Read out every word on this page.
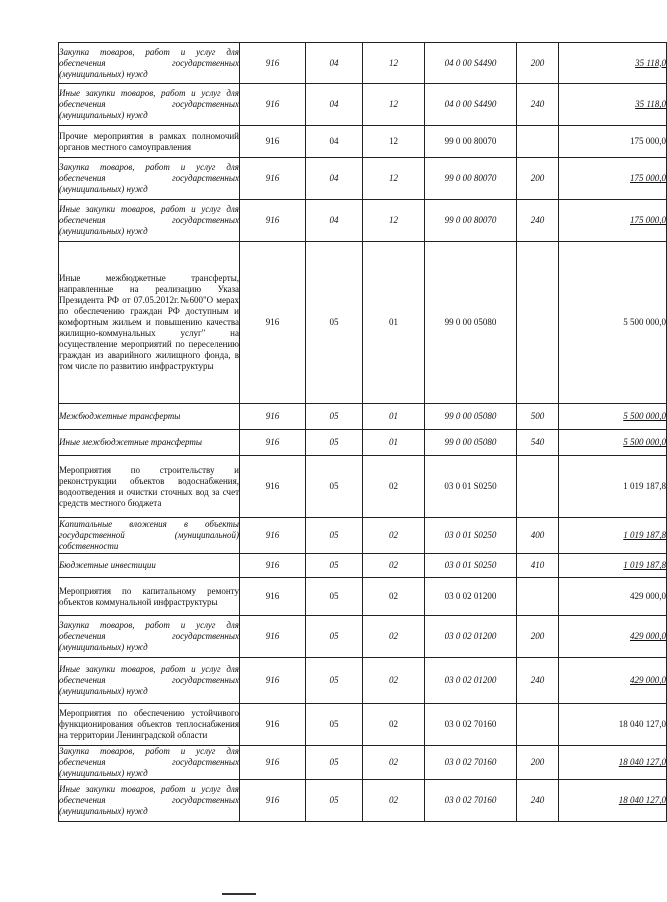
Закупка товаров, работ и услуг для обеспечения государственных (муниципальных) нужд	916	04	12	04 0 00 S4490	200	35 118,0
Иные закупки товаров, работ и услуг для обеспечения государственных (муниципальных) нужд	916	04	12	04 0 00 S4490	240	35 118,0
Прочие мероприятия в рамках полномочий органов местного самоуправления	916	04	12	99 0 00 80070		175 000,0
Закупка товаров, работ и услуг для обеспечения государственных (муниципальных) нужд	916	04	12	99 0 00 80070	200	175 000,0
Иные закупки товаров, работ и услуг для обеспечения государственных (муниципальных) нужд	916	04	12	99 0 00 80070	240	175 000,0
Иные межбюджетные трансферты, направленные на реализацию Указа Президента РФ от 07.05.2012г.№600"О мерах по обеспечению граждан РФ доступным и комфортным жильем и повышению качества жилищно-коммунальных услуг" на осуществление мероприятий по переселению граждан из аварийного жилищного фонда, в том числе по развитию инфраструктуры	916	05	01	99 0 00 05080		5 500 000,0
Межбюджетные трансферты	916	05	01	99 0 00 05080	500	5 500 000,0
Иные межбюджетные трансферты	916	05	01	99 0 00 05080	540	5 500 000,0
Мероприятия по строительству и реконструкции объектов водоснабжения, водоотведения и очистки сточных вод за счет средств местного бюджета	916	05	02	03 0 01 S0250		1 019 187,8
Капитальные вложения в объекты государственной (муниципальной) собственности	916	05	02	03 0 01 S0250	400	1 019 187,8
Бюджетные инвестиции	916	05	02	03 0 01 S0250	410	1 019 187,8
Мероприятия по капитальному ремонту объектов коммунальной инфраструктуры	916	05	02	03 0 02 01200		429 000,0
Закупка товаров, работ и услуг для обеспечения государственных (муниципальных) нужд	916	05	02	03 0 02 01200	200	429 000,0
Иные закупки товаров, работ и услуг для обеспечения государственных (муниципальных) нужд	916	05	02	03 0 02 01200	240	429 000,0
Мероприятия по обеспечению устойчивого функционирования объектов теплоснабжения на территории Ленинградской области	916	05	02	03 0 02 70160		18 040 127,0
Закупка товаров, работ и услуг для обеспечения государственных (муниципальных) нужд	916	05	02	03 0 02 70160	200	18 040 127,0
Иные закупки товаров, работ и услуг для обеспечения государственных (муниципальных) нужд	916	05	02	03 0 02 70160	240	18 040 127,0
